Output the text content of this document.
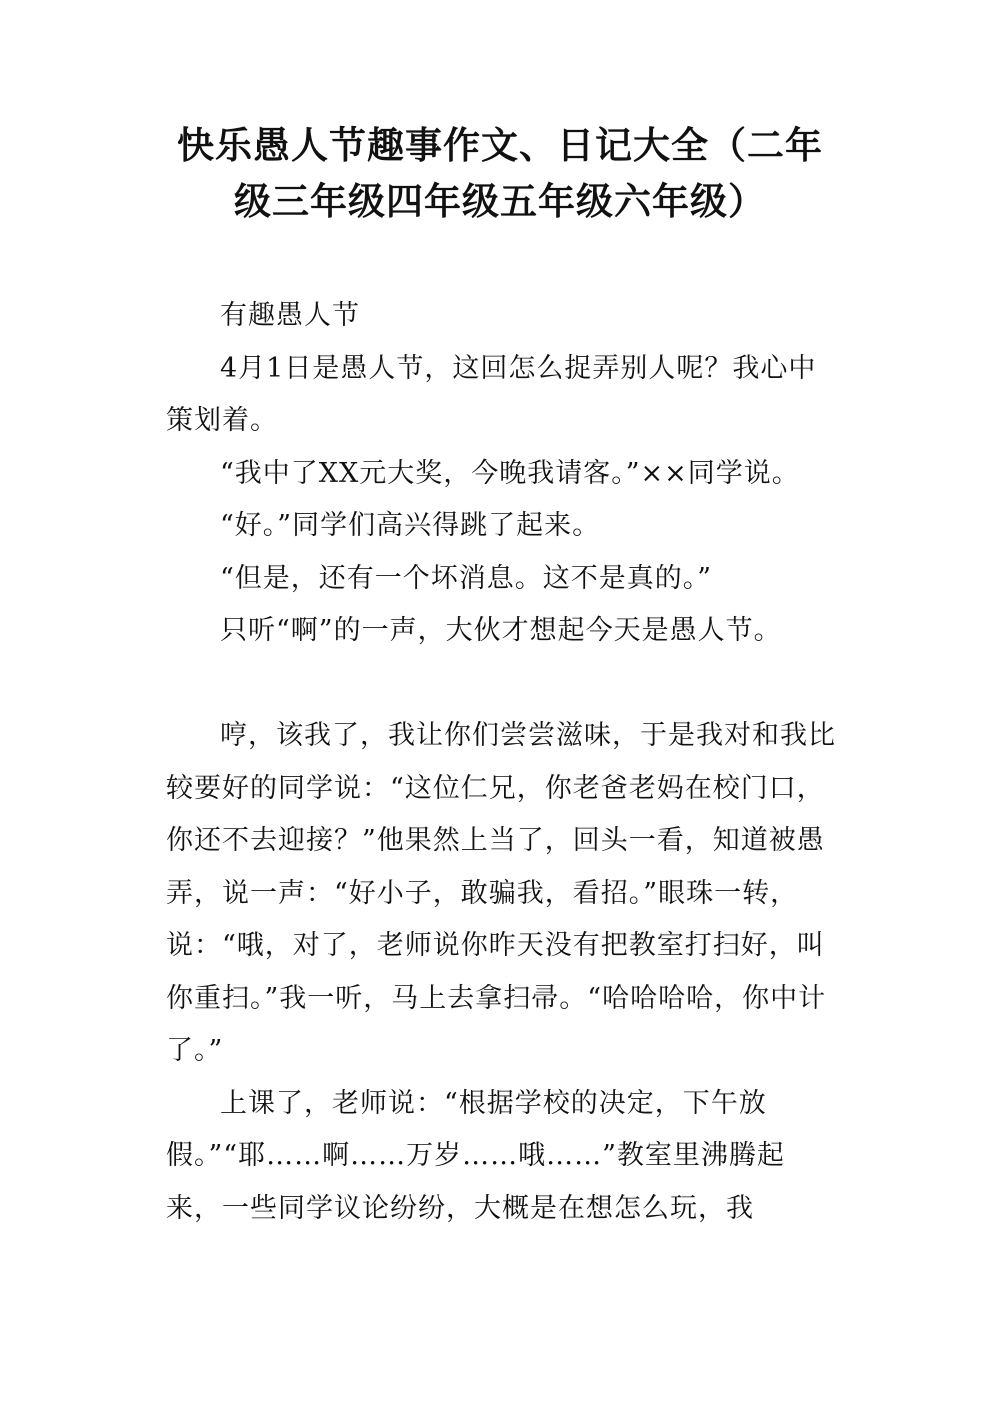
快乐愚人节趣事作文、日记大全（二年级三年级四年级五年级六年级）

有趣愚人节

4月1日是愚人节，这回怎么捉弄别人呢？我心中策划着。

“我中了XX元大奖，今晚我请客。”××同学说。

“好。”同学们高兴得跳了起来。

“但是，还有一个坏消息。这不是真的。”

只听“啊”的一声，大伙才想起今天是愚人节。

哼，该我了，我让你们尝尝滋味，于是我对和我比较要好的同学说：“这位仁兄，你老爸老妈在校门口，你还不去迎接？”他果然上当了，回头一看，知道被愚弄，说一声：“好小子，敢骗我，看招。”眼珠一转，说：“哦，对了，老师说你昨天没有把教室打扫好，叫你重扫。”我一听，马上去拿扫帚。“哈哈哈哈，你中计了。”

上课了，老师说：“根据学校的决定，下午放假。”“耶……啊……万岁……哦……”教室里沸腾起来，一些同学议论纷纷，大概是在想怎么玩，我
